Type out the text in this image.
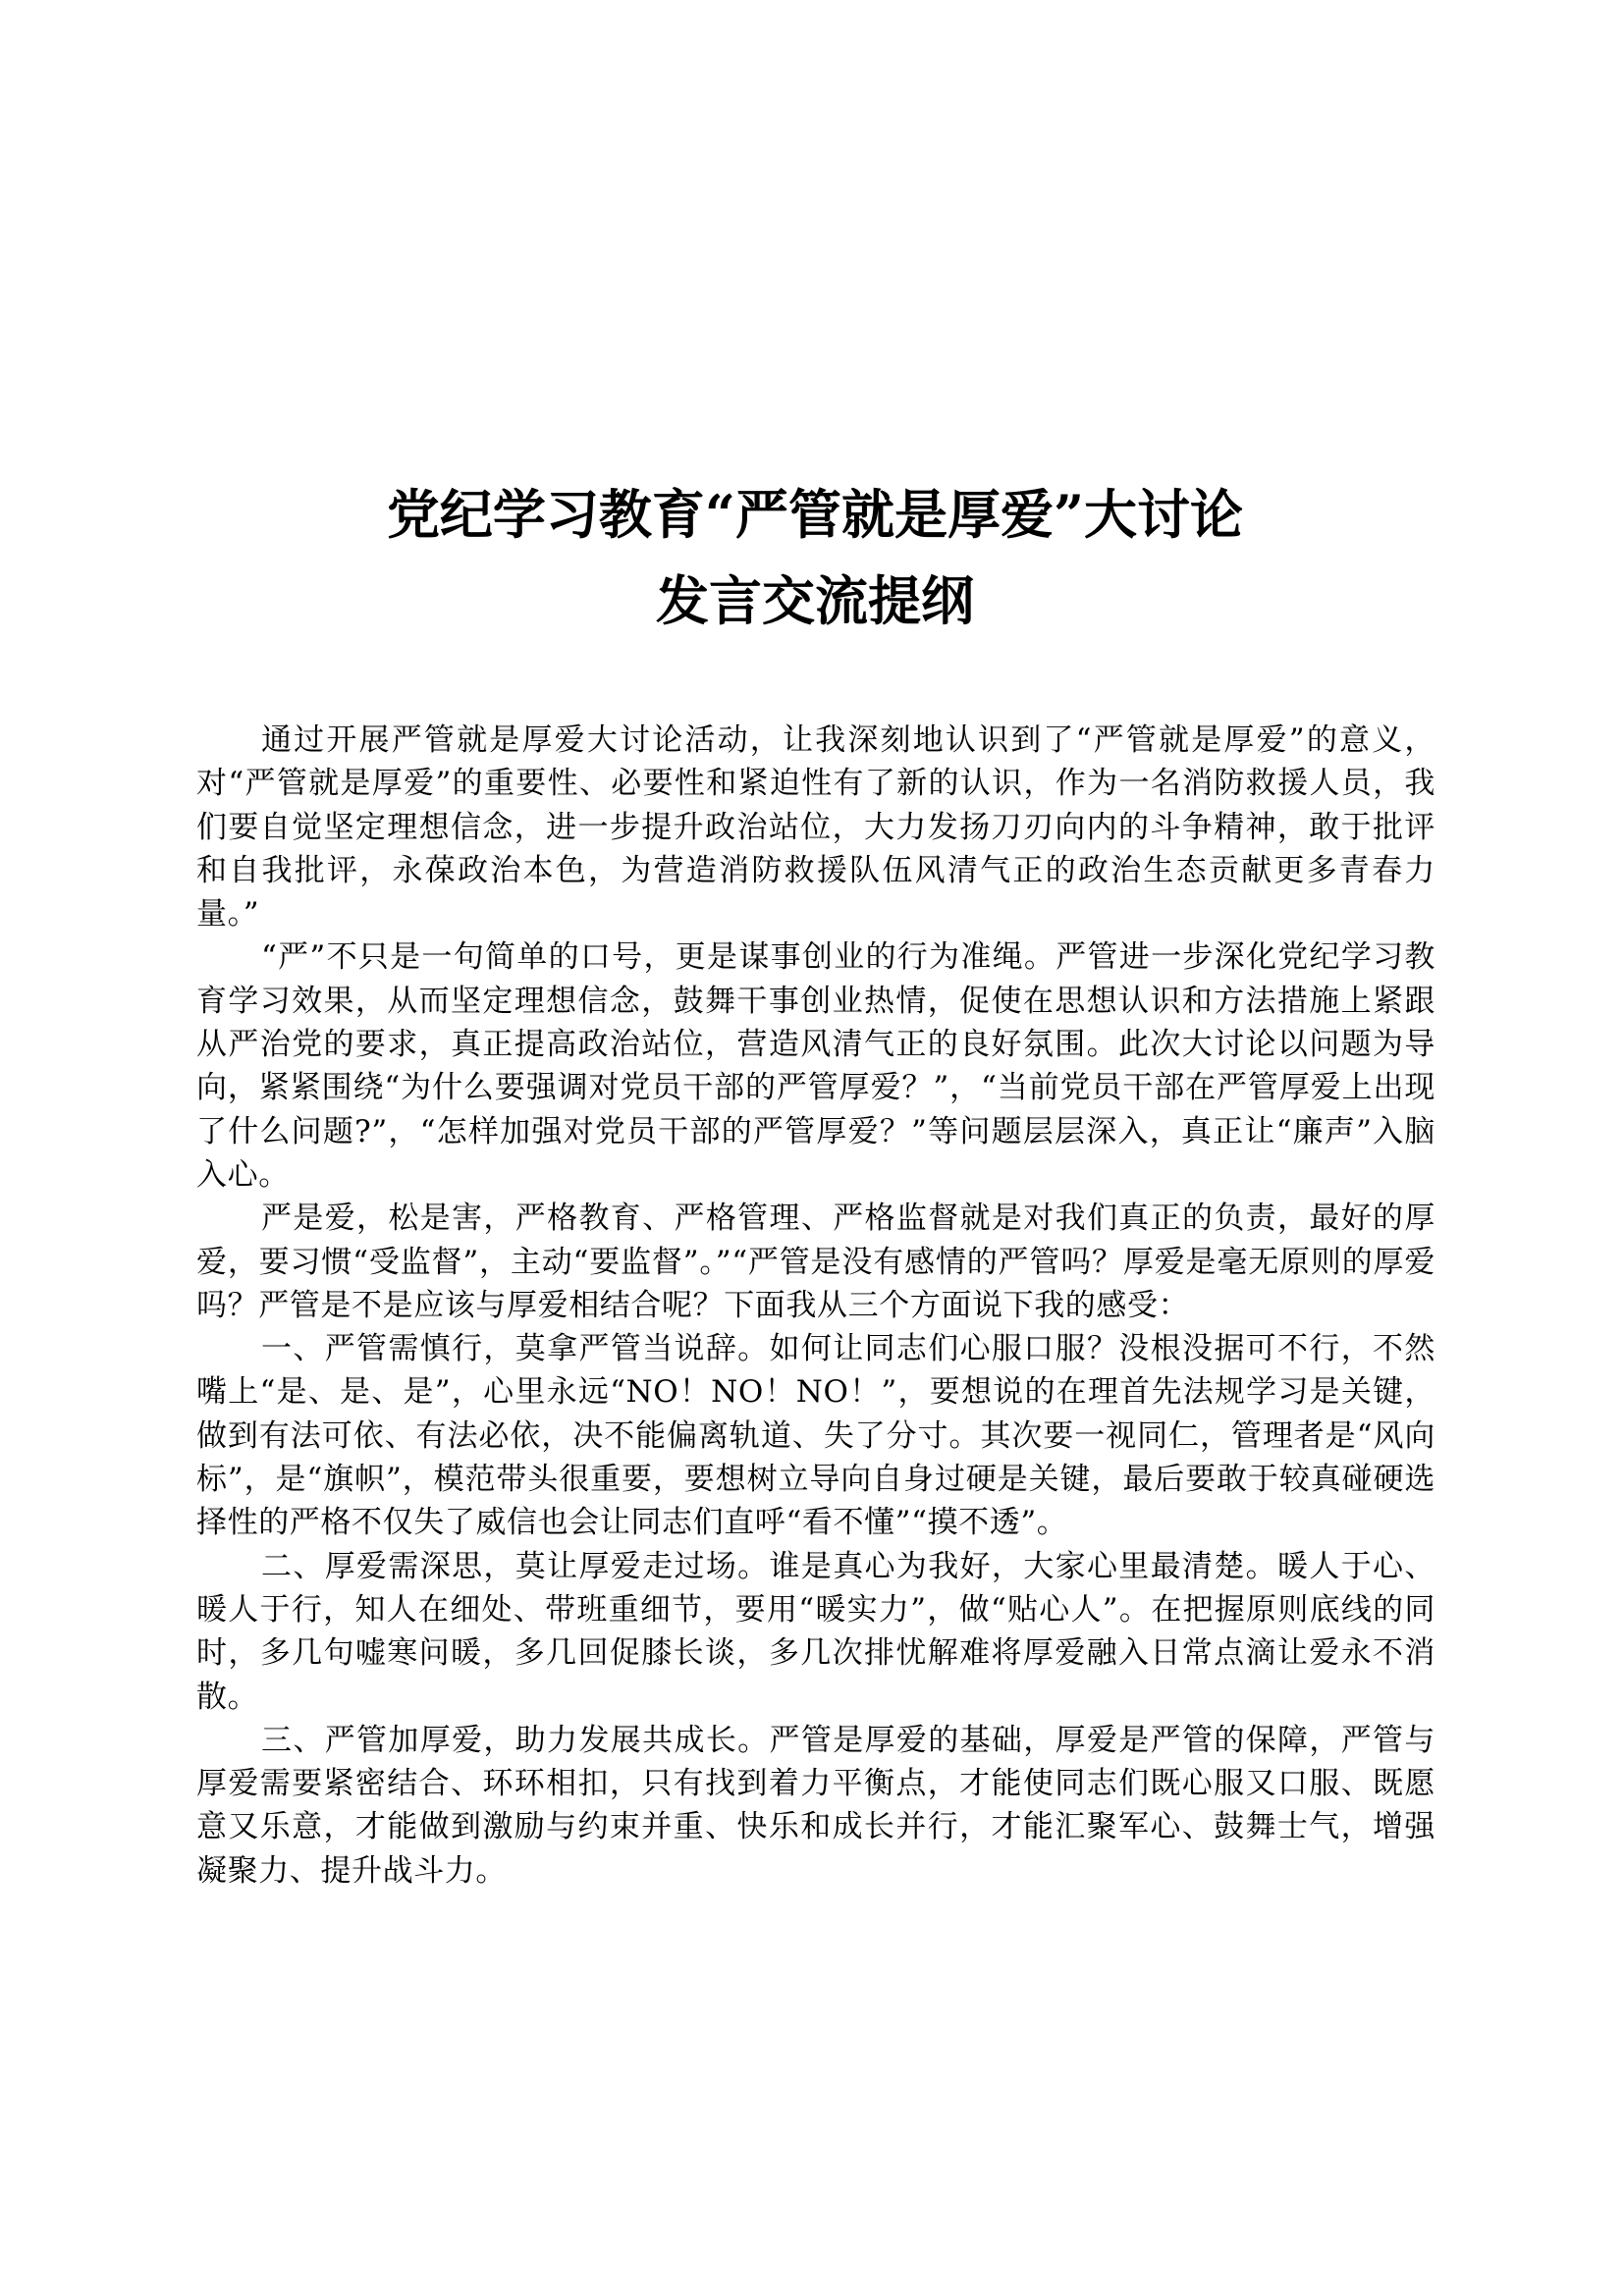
党纪学习教育“严管就是厚爱”大讨论
发言交流提纲

通过开展严管就是厚爱大讨论活动，让我深刻地认识到了“严管就是厚爱”的意义，对“严管就是厚爱”的重要性、必要性和紧迫性有了新的认识，作为一名消防救援人员，我们要自觉坚定理想信念，进一步提升政治站位，大力发扬刀刃向内的斗争精神，敢于批评和自我批评，永葆政治本色，为营造消防救援队伍风清气正的政治生态贡献更多青春力量。”

“严”不只是一句简单的口号，更是谋事创业的行为准绳。严管进一步深化党纪学习教育学习效果，从而坚定理想信念，鼓舞干事创业热情，促使在思想认识和方法措施上紧跟从严治党的要求，真正提高政治站位，营造风清气正的良好氛围。此次大讨论以问题为导向，紧紧围绕“为什么要强调对党员干部的严管厚爱？”，“当前党员干部在严管厚爱上出现了什么问题?”，“怎样加强对党员干部的严管厚爱？”等问题层层深入，真正让“廉声”入脑入心。

严是爱，松是害，严格教育、严格管理、严格监督就是对我们真正的负责，最好的厚爱，要习惯“受监督”，主动“要监督”。”“严管是没有感情的严管吗？厚爱是毫无原则的厚爱吗？严管是不是应该与厚爱相结合呢？下面我从三个方面说下我的感受：

一、严管需慎行，莫拿严管当说辞。如何让同志们心服口服？没根没据可不行，不然嘴上“是、是、是”，心里永远“NO！NO！NO！”，要想说的在理首先法规学习是关键，做到有法可依、有法必依，决不能偏离轨道、失了分寸。其次要一视同仁，管理者是“风向标”，是“旗帜”，模范带头很重要，要想树立导向自身过硬是关键，最后要敢于较真碰硬选择性的严格不仅失了威信也会让同志们直呼“看不懂”“摸不透”。

二、厚爱需深思，莫让厚爱走过场。谁是真心为我好，大家心里最清楚。暖人于心、暖人于行，知人在细处、带班重细节，要用“暖实力”，做“贴心人”。在把握原则底线的同时，多几句嘘寒问暖，多几回促膝长谈，多几次排忧解难将厚爱融入日常点滴让爱永不消散。

三、严管加厚爱，助力发展共成长。严管是厚爱的基础，厚爱是严管的保障，严管与厚爱需要紧密结合、环环相扣，只有找到着力平衡点，才能使同志们既心服又口服、既愿意又乐意，才能做到激励与约束并重、快乐和成长并行，才能汇聚军心、鼓舞士气，增强凝聚力、提升战斗力。
